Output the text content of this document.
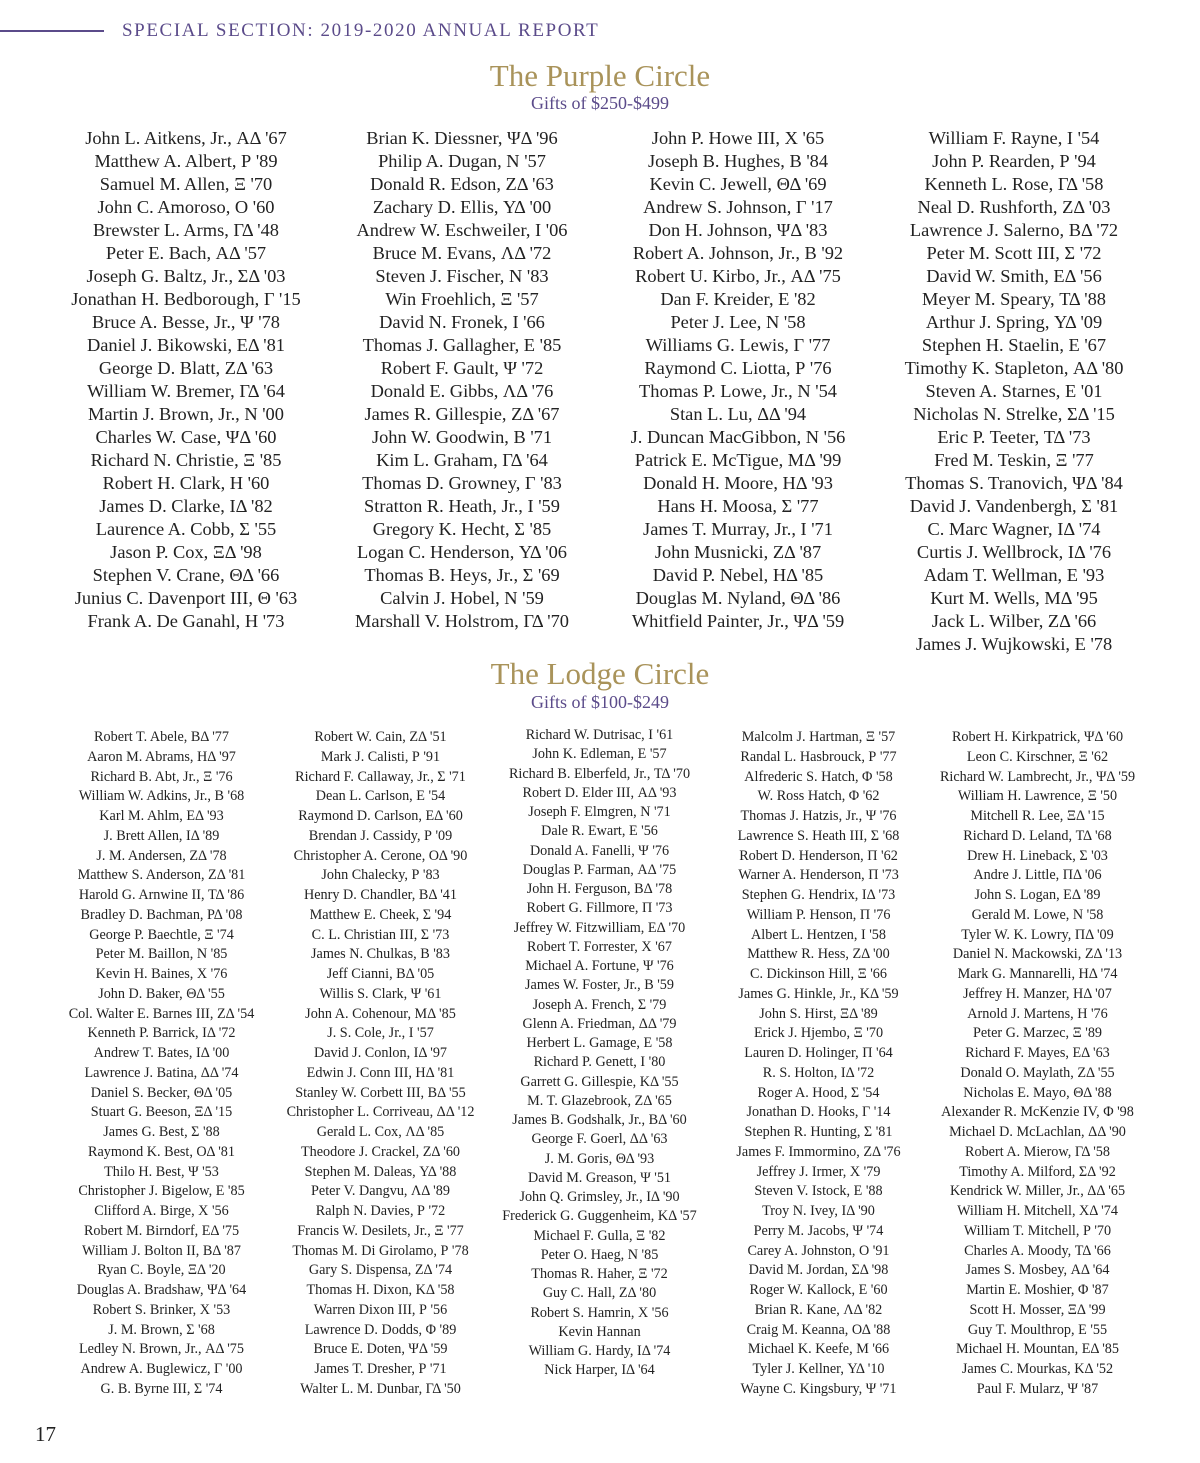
SPECIAL SECTION: 2019-2020 ANNUAL REPORT
The Purple Circle
Gifts of $250-$499
John L. Aitkens, Jr., ΑΔ '67
Matthew A. Albert, Ρ '89
Samuel M. Allen, Ξ '70
John C. Amoroso, Ο '60
Brewster L. Arms, ΓΔ '48
Peter E. Bach, ΑΔ '57
Joseph G. Baltz, Jr., ΣΔ '03
Jonathan H. Bedborough, Γ '15
Bruce A. Besse, Jr., Ψ '78
Daniel J. Bikowski, ΕΔ '81
George D. Blatt, ΖΔ '63
William W. Bremer, ΓΔ '64
Martin J. Brown, Jr., Ν '00
Charles W. Case, ΨΔ '60
Richard N. Christie, Ξ '85
Robert H. Clark, Η '60
James D. Clarke, ΙΔ '82
Laurence A. Cobb, Σ '55
Jason P. Cox, ΞΔ '98
Stephen V. Crane, ΘΔ '66
Junius C. Davenport III, Θ '63
Frank A. De Ganahl, Η '73
Brian K. Diessner, ΨΔ '96
Philip A. Dugan, Ν '57
Donald R. Edson, ΖΔ '63
Zachary D. Ellis, ΥΔ '00
Andrew W. Eschweiler, Ι '06
Bruce M. Evans, ΛΔ '72
Steven J. Fischer, Ν '83
Win Froehlich, Ξ '57
David N. Fronek, Ι '66
Thomas J. Gallagher, Ε '85
Robert F. Gault, Ψ '72
Donald E. Gibbs, ΛΔ '76
James R. Gillespie, ΖΔ '67
John W. Goodwin, Β '71
Kim L. Graham, ΓΔ '64
Thomas D. Growney, Γ '83
Stratton R. Heath, Jr., Ι '59
Gregory K. Hecht, Σ '85
Logan C. Henderson, ΥΔ '06
Thomas B. Heys, Jr., Σ '69
Calvin J. Hobel, Ν '59
Marshall V. Holstrom, ΓΔ '70
John P. Howe III, Χ '65
Joseph B. Hughes, Β '84
Kevin C. Jewell, ΘΔ '69
Andrew S. Johnson, Γ '17
Don H. Johnson, ΨΔ '83
Robert A. Johnson, Jr., Β '92
Robert U. Kirbo, Jr., ΑΔ '75
Dan F. Kreider, Ε '82
Peter J. Lee, Ν '58
Williams G. Lewis, Γ '77
Raymond C. Liotta, Ρ '76
Thomas P. Lowe, Jr., Ν '54
Stan L. Lu, ΔΔ '94
J. Duncan MacGibbon, Ν '56
Patrick E. McTigue, ΜΔ '99
Donald H. Moore, ΗΔ '93
Hans H. Moosa, Σ '77
James T. Murray, Jr., Ι '71
John Musnicki, ΖΔ '87
David P. Nebel, ΗΔ '85
Douglas M. Nyland, ΘΔ '86
Whitfield Painter, Jr., ΨΔ '59
William F. Rayne, Ι '54
John P. Rearden, Ρ '94
Kenneth L. Rose, ΓΔ '58
Neal D. Rushforth, ΖΔ '03
Lawrence J. Salerno, ΒΔ '72
Peter M. Scott III, Σ '72
David W. Smith, ΕΔ '56
Meyer M. Speary, ΤΔ '88
Arthur J. Spring, ΥΔ '09
Stephen H. Staelin, Ε '67
Timothy K. Stapleton, ΑΔ '80
Steven A. Starnes, Ε '01
Nicholas N. Strelke, ΣΔ '15
Eric P. Teeter, ΤΔ '73
Fred M. Teskin, Ξ '77
Thomas S. Tranovich, ΨΔ '84
David J. Vandenbergh, Σ '81
C. Marc Wagner, ΙΔ '74
Curtis J. Wellbrock, ΙΔ '76
Adam T. Wellman, Ε '93
Kurt M. Wells, ΜΔ '95
Jack L. Wilber, ΖΔ '66
James J. Wujkowski, Ε '78
The Lodge Circle
Gifts of $100-$249
Robert T. Abele, ΒΔ '77
Aaron M. Abrams, ΗΔ '97
Richard B. Abt, Jr., Ξ '76
William W. Adkins, Jr., Β '68
Karl M. Ahlm, ΕΔ '93
J. Brett Allen, ΙΔ '89
J. M. Andersen, ΖΔ '78
Matthew S. Anderson, ΖΔ '81
Harold G. Arnwine II, ΤΔ '86
Bradley D. Bachman, ΡΔ '08
George P. Baechtle, Ξ '74
Peter M. Baillon, Ν '85
Kevin H. Baines, Χ '76
John D. Baker, ΘΔ '55
Col. Walter E. Barnes III, ΖΔ '54
Kenneth P. Barrick, ΙΔ '72
Andrew T. Bates, ΙΔ '00
Lawrence J. Batina, ΔΔ '74
Daniel S. Becker, ΘΔ '05
Stuart G. Beeson, ΞΔ '15
James G. Best, Σ '88
Raymond K. Best, ΟΔ '81
Thilo H. Best, Ψ '53
Christopher J. Bigelow, Ε '85
Clifford A. Birge, Χ '56
Robert M. Birndorf, ΕΔ '75
William J. Bolton II, ΒΔ '87
Ryan C. Boyle, ΞΔ '20
Douglas A. Bradshaw, ΨΔ '64
Robert S. Brinker, Χ '53
J. M. Brown, Σ '68
Ledley N. Brown, Jr., ΑΔ '75
Andrew A. Buglewicz, Γ '00
G. B. Byrne III, Σ '74
Robert W. Cain, ΖΔ '51
Mark J. Calisti, Ρ '91
Richard F. Callaway, Jr., Σ '71
Dean L. Carlson, Ε '54
Raymond D. Carlson, ΕΔ '60
Brendan J. Cassidy, Ρ '09
Christopher A. Cerone, ΟΔ '90
John Chalecky, Ρ '83
Henry D. Chandler, ΒΔ '41
Matthew E. Cheek, Σ '94
C. L. Christian III, Σ '73
James N. Chulkas, Β '83
Jeff Cianni, ΒΔ '05
Willis S. Clark, Ψ '61
John A. Cohenour, ΜΔ '85
J. S. Cole, Jr., Ι '57
David J. Conlon, ΙΔ '97
Edwin J. Conn III, ΗΔ '81
Stanley W. Corbett III, ΒΔ '55
Christopher L. Corriveau, ΔΔ '12
Gerald L. Cox, ΛΔ '85
Theodore J. Crackel, ΖΔ '60
Stephen M. Daleas, ΥΔ '88
Peter V. Dangvu, ΛΔ '89
Ralph N. Davies, Ρ '72
Francis W. Desilets, Jr., Ξ '77
Thomas M. Di Girolamo, Ρ '78
Gary S. Dispensa, ΖΔ '74
Thomas H. Dixon, ΚΔ '58
Warren Dixon III, Ρ '56
Lawrence D. Dodds, Φ '89
Bruce E. Doten, ΨΔ '59
James T. Dresher, Ρ '71
Walter L. M. Dunbar, ΓΔ '50
Richard W. Dutrisac, Ι '61
John K. Edleman, Ε '57
Richard B. Elberfeld, Jr., ΤΔ '70
Robert D. Elder III, ΑΔ '93
Joseph F. Elmgren, Ν '71
Dale R. Ewart, Ε '56
Donald A. Fanelli, Ψ '76
Douglas P. Farman, ΑΔ '75
John H. Ferguson, ΒΔ '78
Robert G. Fillmore, Π '73
Jeffrey W. Fitzwilliam, ΕΔ '70
Robert T. Forrester, Χ '67
Michael A. Fortune, Ψ '76
James W. Foster, Jr., Β '59
Joseph A. French, Σ '79
Glenn A. Friedman, ΔΔ '79
Herbert L. Gamage, Ε '58
Richard P. Genett, Ι '80
Garrett G. Gillespie, ΚΔ '55
M. T. Glazebrook, ΖΔ '65
James B. Godshalk, Jr., ΒΔ '60
George F. Goerl, ΔΔ '63
J. M. Goris, ΘΔ '93
David M. Greason, Ψ '51
John Q. Grimsley, Jr., ΙΔ '90
Frederick G. Guggenheim, ΚΔ '57
Michael F. Gulla, Ξ '82
Peter O. Haeg, Ν '85
Thomas R. Haher, Ξ '72
Guy C. Hall, ΖΔ '80
Robert S. Hamrin, Χ '56
Kevin Hannan
William G. Hardy, ΙΔ '74
Nick Harper, ΙΔ '64
Malcolm J. Hartman, Ξ '57
Randal L. Hasbrouck, Ρ '77
Alfrederic S. Hatch, Φ '58
W. Ross Hatch, Φ '62
Thomas J. Hatzis, Jr., Ψ '76
Lawrence S. Heath III, Σ '68
Robert D. Henderson, Π '62
Warner A. Henderson, Π '73
Stephen G. Hendrix, ΙΔ '73
William P. Henson, Π '76
Albert L. Hentzen, Ι '58
Matthew R. Hess, ΖΔ '00
C. Dickinson Hill, Ξ '66
James G. Hinkle, Jr., ΚΔ '59
John S. Hirst, ΞΔ '89
Erick J. Hjembo, Ξ '70
Lauren D. Holinger, Π '64
R. S. Holton, ΙΔ '72
Roger A. Hood, Σ '54
Jonathan D. Hooks, Γ '14
Stephen R. Hunting, Σ '81
James F. Immormino, ΖΔ '76
Jeffrey J. Irmer, Χ '79
Steven V. Istock, Ε '88
Troy N. Ivey, ΙΔ '90
Perry M. Jacobs, Ψ '74
Carey A. Johnston, Ο '91
David M. Jordan, ΣΔ '98
Roger W. Kallock, Ε '60
Brian R. Kane, ΛΔ '82
Craig M. Keanna, ΟΔ '88
Michael K. Keefe, Μ '66
Tyler J. Kellner, ΥΔ '10
Wayne C. Kingsbury, Ψ '71
Robert H. Kirkpatrick, ΨΔ '60
Leon C. Kirschner, Ξ '62
Richard W. Lambrecht, Jr., ΨΔ '59
William H. Lawrence, Ξ '50
Mitchell R. Lee, ΞΔ '15
Richard D. Leland, ΤΔ '68
Drew H. Lineback, Σ '03
Andre J. Little, ΠΔ '06
John S. Logan, ΕΔ '89
Gerald M. Lowe, Ν '58
Tyler W. K. Lowry, ΠΔ '09
Daniel N. Mackowski, ΖΔ '13
Mark G. Mannarelli, ΗΔ '74
Jeffrey H. Manzer, ΗΔ '07
Arnold J. Martens, Η '76
Peter G. Marzec, Ξ '89
Richard F. Mayes, ΕΔ '63
Donald O. Maylath, ΖΔ '55
Nicholas E. Mayo, ΘΔ '88
Alexander R. McKenzie IV, Φ '98
Michael D. McLachlan, ΔΔ '90
Robert A. Mierow, ΓΔ '58
Timothy A. Milford, ΣΔ '92
Kendrick W. Miller, Jr., ΔΔ '65
William H. Mitchell, ΧΔ '74
William T. Mitchell, Ρ '70
Charles A. Moody, ΤΔ '66
James S. Mosbey, ΑΔ '64
Martin E. Moshier, Φ '87
Scott H. Mosser, ΞΔ '99
Guy T. Moulthrop, Ε '55
Michael H. Mountan, ΕΔ '85
James C. Mourkas, ΚΔ '52
Paul F. Mularz, Ψ '87
17
